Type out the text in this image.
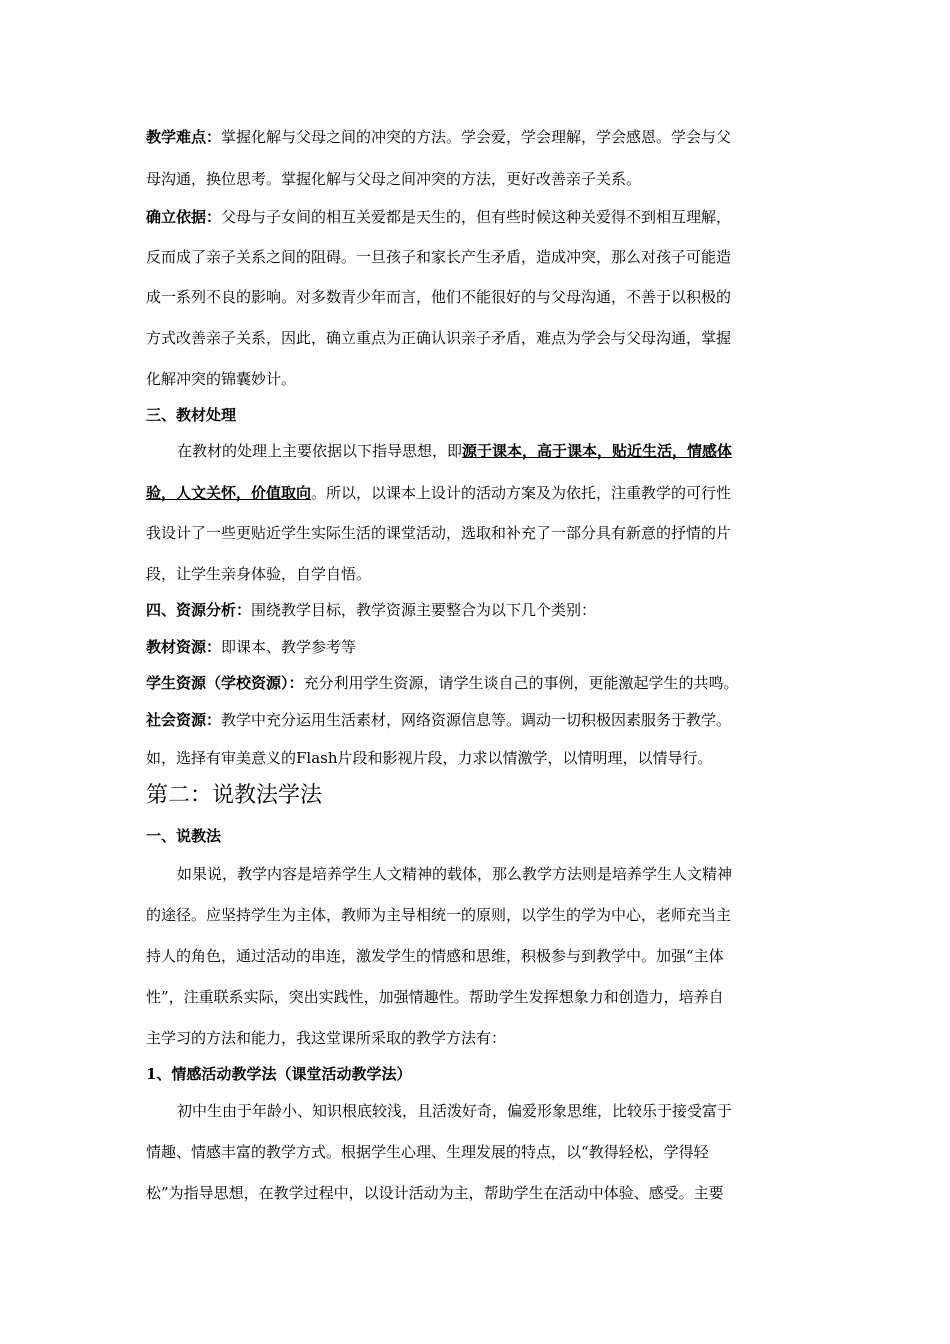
教学难点：掌握化解与父母之间的冲突的方法。学会爱，学会理解，学会感恩。学会与父
母沟通，换位思考。掌握化解与父母之间冲突的方法，更好改善亲子关系。
确立依据：父母与子女间的相互关爱都是天生的，但有些时候这种关爱得不到相互理解，
反而成了亲子关系之间的阻碍。一旦孩子和家长产生矛盾，造成冲突，那么对孩子可能造
成一系列不良的影响。对多数青少年而言，他们不能很好的与父母沟通，不善于以积极的
方式改善亲子关系，因此，确立重点为正确认识亲子矛盾，难点为学会与父母沟通，掌握
化解冲突的锦囊妙计。
三、教材处理
在教材的处理上主要依据以下指导思想，即源于课本，高于课本，贴近生活，情感体
验，人文关怀，价值取向。所以，以课本上设计的活动方案及为依托，注重教学的可行性
我设计了一些更贴近学生实际生活的课堂活动，选取和补充了一部分具有新意的抒情的片
段，让学生亲身体验，自学自悟。
四、资源分析：围绕教学目标，教学资源主要整合为以下几个类别：
教材资源：即课本、教学参考等
学生资源（学校资源）：充分利用学生资源，请学生谈自己的事例，更能激起学生的共鸣。
社会资源：教学中充分运用生活素材，网络资源信息等。调动一切积极因素服务于教学。
如，选择有审美意义的Flash片段和影视片段，力求以情激学，以情明理，以情导行。
第二：说教法学法
一、说教法
如果说，教学内容是培养学生人文精神的载体，那么教学方法则是培养学生人文精神
的途径。应坚持学生为主体，教师为主导相统一的原则，以学生的学为中心，老师充当主
持人的角色，通过活动的串连，激发学生的情感和思维，积极参与到教学中。加强“主体
性”，注重联系实际，突出实践性，加强情趣性。帮助学生发挥想象力和创造力，培养自
主学习的方法和能力，我这堂课所采取的教学方法有：
1、情感活动教学法（课堂活动教学法）
初中生由于年龄小、知识根底较浅，且活泼好奇，偏爱形象思维，比较乐于接受富于
情趣、情感丰富的教学方式。根据学生心理、生理发展的特点，以“教得轻松，学得轻
松”为指导思想，在教学过程中，以设计活动为主，帮助学生在活动中体验、感受。主要
